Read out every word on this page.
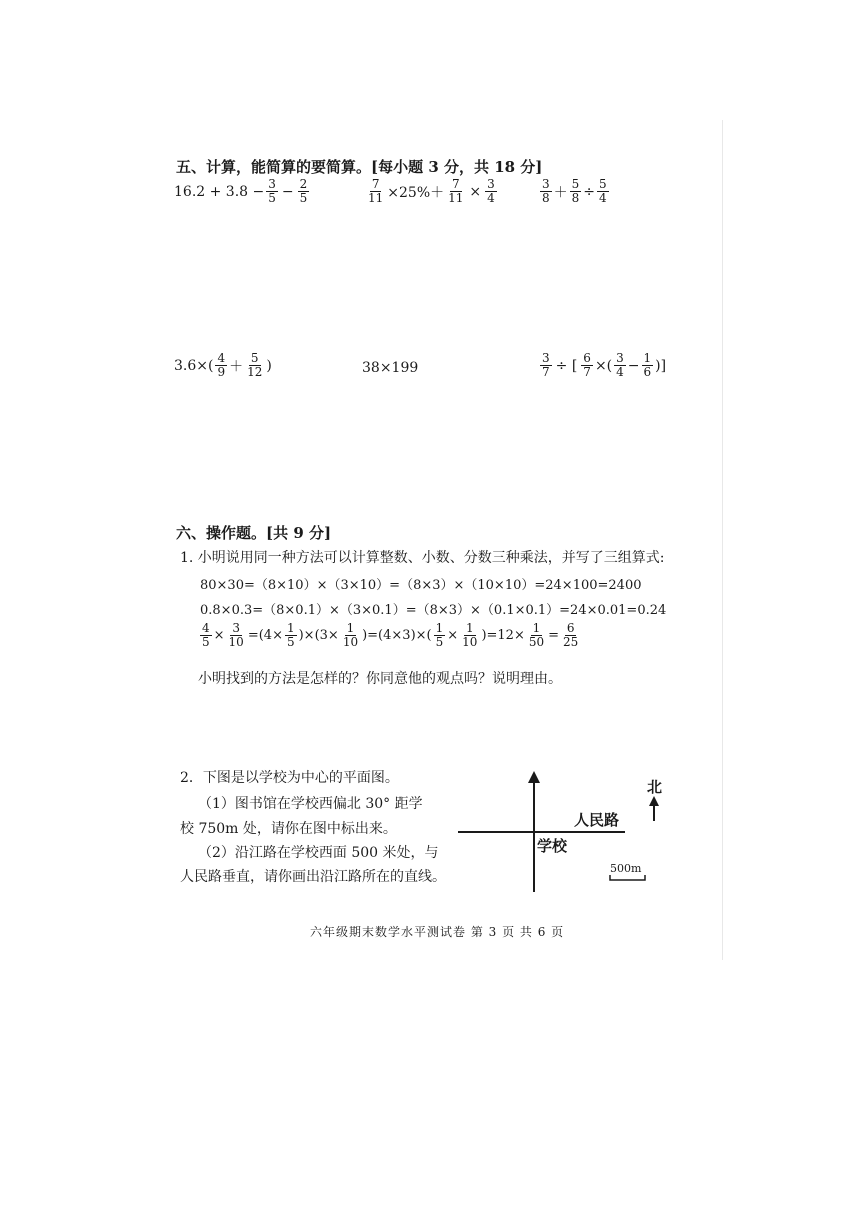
五、计算，能简算的要简算。[每小题 3 分，共 18 分]
$16.2 + 3.8 - \frac{3}{5} - \frac{2}{5}$	$\frac{7}{11} \times 25\%+ \frac{7}{11} \times \frac{3}{4}$	$\frac{3}{8} + \frac{5}{8} \div \frac{5}{4}$
$3.6\times( \frac{4}{9} + \frac{5}{12}$ )	38×199	$\frac{3}{7}$ ÷ [ $\frac{6}{7}$ ×( $\frac{3}{4} - \frac{1}{6}$ )]
六、操作题。[共 9 分]
1. 小明说用同一种方法可以计算整数、小数、分数三种乘法，并写了三组算式:
80×30=（8×10）×（3×10）=（8×3）×（10×10）=24×100=2400
0.8×0.3=（8×0.1）×（3×0.1）=（8×3）×（0.1×0.1）=24×0.01=0.24
$\frac{4}{5} \times \frac{3}{10} =(4\times \frac{1}{5} )\times(3\times \frac{1}{10} )=(4\times 3)\times( \frac{1}{5} \times \frac{1}{10} )=12\times \frac{1}{50} = \frac{6}{25}$
小明找到的方法是怎样的？你同意他的观点吗？说明理由。
2．下图是以学校为中心的平面图。
（1）图书馆在学校西偏北 30° 距学
校 750m 处，请你在图中标出来。
（2）沿江路在学校西面 500 米处，与
人民路垂直，请你画出沿江路所在的直线。
人民路
学校
北
500m
六年级期末数学水平测试卷 第 3 页 共 6 页
